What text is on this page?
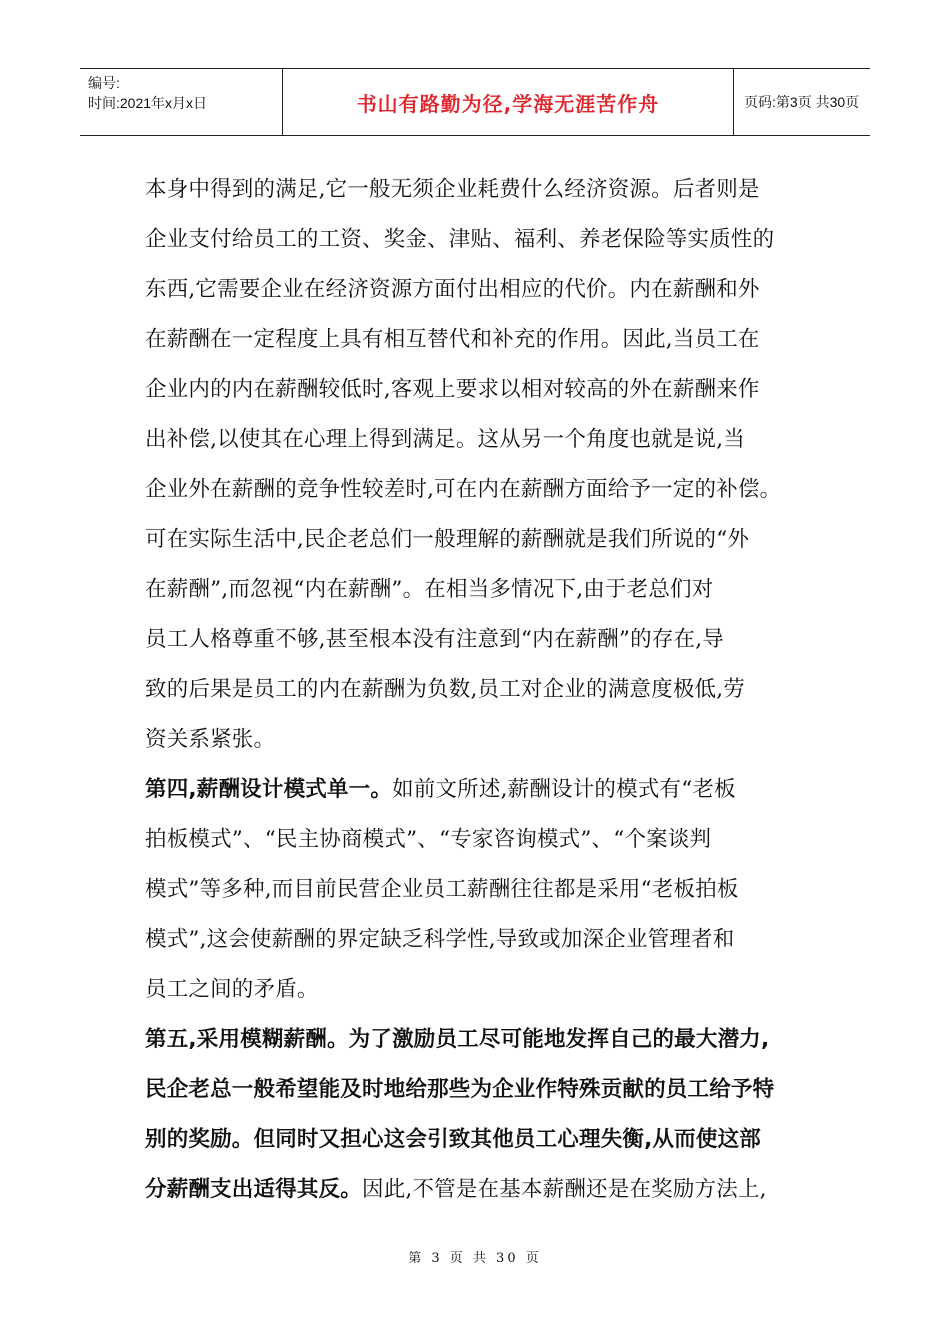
编号:
时间:2021年x月x日	书山有路勤为径,学海无涯苦作舟	页码:第3页 共30页
本身中得到的满足,它一般无须企业耗费什么经济资源。后者则是
企业支付给员工的工资、奖金、津贴、福利、养老保险等实质性的
东西,它需要企业在经济资源方面付出相应的代价。内在薪酬和外
在薪酬在一定程度上具有相互替代和补充的作用。因此,当员工在
企业内的内在薪酬较低时,客观上要求以相对较高的外在薪酬来作
出补偿,以使其在心理上得到满足。这从另一个角度也就是说,当
企业外在薪酬的竞争性较差时,可在内在薪酬方面给予一定的补偿。
可在实际生活中,民企老总们一般理解的薪酬就是我们所说的“外
在薪酬”,而忽视“内在薪酬”。在相当多情况下,由于老总们对
员工人格尊重不够,甚至根本没有注意到“内在薪酬”的存在,导
致的后果是员工的内在薪酬为负数,员工对企业的满意度极低,劳
资关系紧张。
第四,薪酬设计模式单一。如前文所述,薪酬设计的模式有“老板
拍板模式”、“民主协商模式”、“专家咨询模式”、“个案谈判
模式”等多种,而目前民营企业员工薪酬往往都是采用“老板拍板
模式”,这会使薪酬的界定缺乏科学性,导致或加深企业管理者和
员工之间的矛盾。
第五,采用模糊薪酬。为了激励员工尽可能地发挥自己的最大潜力,
民企老总一般希望能及时地给那些为企业作特殊贡献的员工给予特
别的奖励。但同时又担心这会引致其他员工心理失衡,从而使这部
分薪酬支出适得其反。因此,不管是在基本薪酬还是在奖励方法上,
第 3 页 共 30 页
